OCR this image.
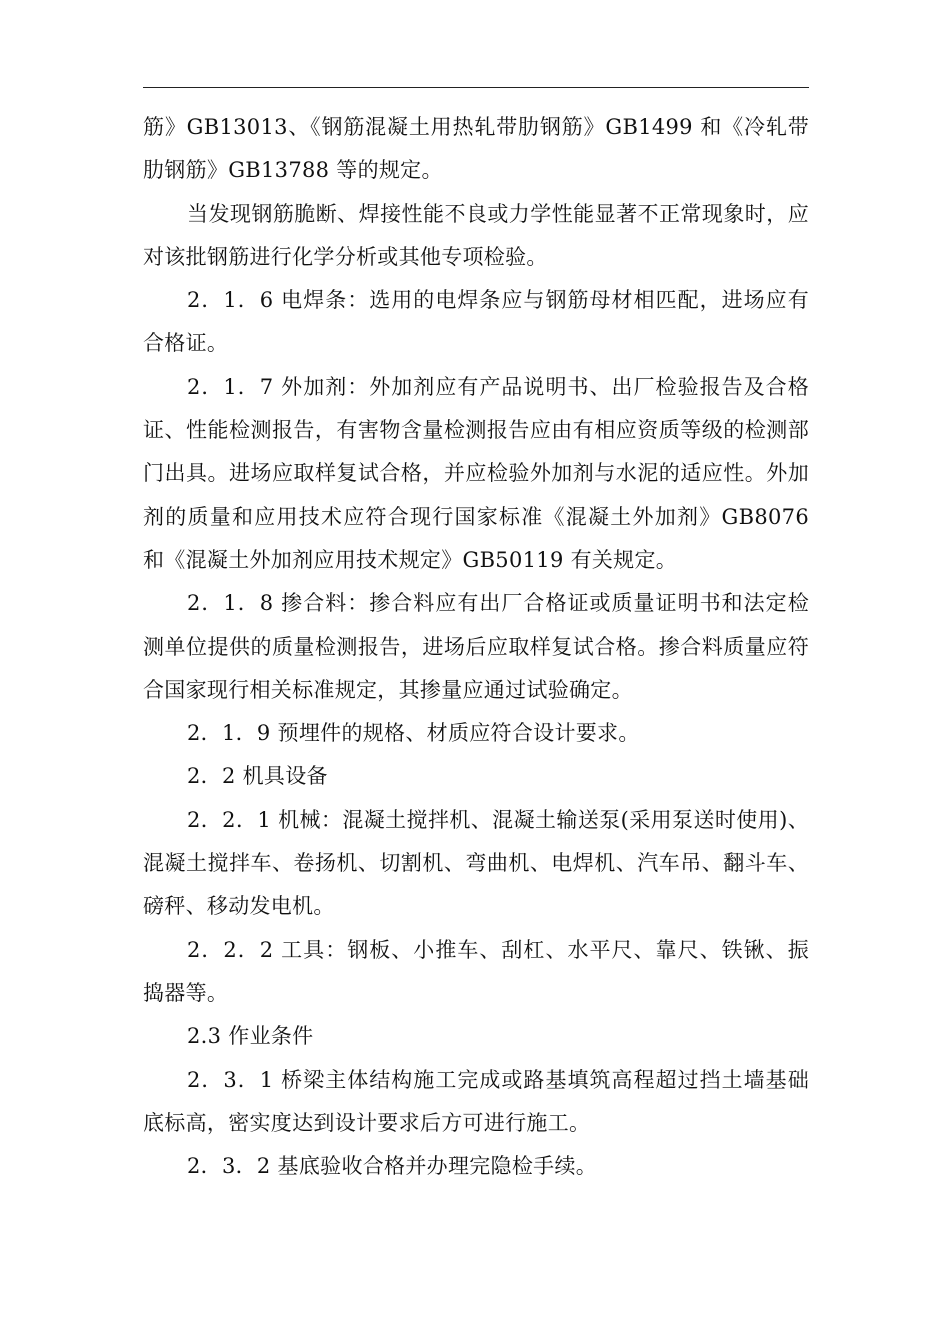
筋》GB13013、《钢筋混凝土用热轧带肋钢筋》GB1499 和《冷轧带肋钢筋》GB13788 等的规定。

当发现钢筋脆断、焊接性能不良或力学性能显著不正常现象时，应对该批钢筋进行化学分析或其他专项检验。

2．1．6 电焊条：选用的电焊条应与钢筋母材相匹配，进场应有合格证。

2．1．7 外加剂：外加剂应有产品说明书、出厂检验报告及合格证、性能检测报告，有害物含量检测报告应由有相应资质等级的检测部门出具。进场应取样复试合格，并应检验外加剂与水泥的适应性。外加剂的质量和应用技术应符合现行国家标准《混凝土外加剂》GB8076 和《混凝土外加剂应用技术规定》GB50119 有关规定。

2．1．8 掺合料：掺合料应有出厂合格证或质量证明书和法定检测单位提供的质量检测报告，进场后应取样复试合格。掺合料质量应符合国家现行相关标准规定，其掺量应通过试验确定。

2．1．9 预埋件的规格、材质应符合设计要求。

2．2 机具设备

2．2．1 机械：混凝土搅拌机、混凝土输送泵(采用泵送时使用)、混凝土搅拌车、卷扬机、切割机、弯曲机、电焊机、汽车吊、翻斗车、磅秤、移动发电机。

2．2．2 工具：钢板、小推车、刮杠、水平尺、靠尺、铁锹、振捣器等。

2.3 作业条件

2．3．1 桥梁主体结构施工完成或路基填筑高程超过挡土墙基础底标高，密实度达到设计要求后方可进行施工。

2．3．2 基底验收合格并办理完隐检手续。
